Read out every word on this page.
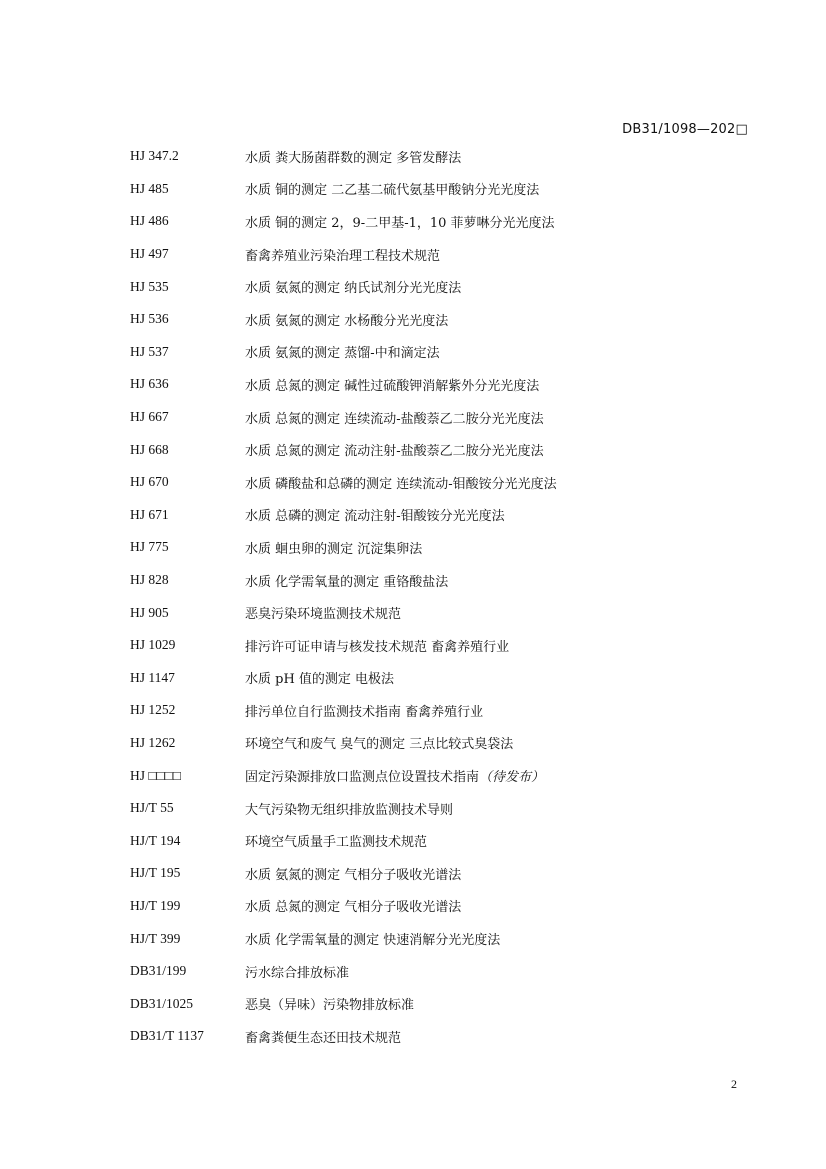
DB31/1098—202□
HJ 347.2	水质 粪大肠菌群数的测定 多管发酵法
HJ 485	水质 铜的测定 二乙基二硫代氨基甲酸钠分光光度法
HJ 486	水质 铜的测定 2，9-二甲基-1，10 菲萝啉分光光度法
HJ 497	畜禽养殖业污染治理工程技术规范
HJ 535	水质 氨氮的测定 纳氏试剂分光光度法
HJ 536	水质 氨氮的测定 水杨酸分光光度法
HJ 537	水质 氨氮的测定 蒸馏-中和滴定法
HJ 636	水质 总氮的测定 碱性过硫酸钾消解紫外分光光度法
HJ 667	水质 总氮的测定 连续流动-盐酸萘乙二胺分光光度法
HJ 668	水质 总氮的测定 流动注射-盐酸萘乙二胺分光光度法
HJ 670	水质 磷酸盐和总磷的测定 连续流动-钼酸铵分光光度法
HJ 671	水质 总磷的测定 流动注射-钼酸铵分光光度法
HJ 775	水质 蛔虫卵的测定 沉淀集卵法
HJ 828	水质 化学需氧量的测定 重铬酸盐法
HJ 905	恶臭污染环境监测技术规范
HJ 1029	排污许可证申请与核发技术规范 畜禽养殖行业
HJ 1147	水质 pH 值的测定 电极法
HJ 1252	排污单位自行监测技术指南 畜禽养殖行业
HJ 1262	环境空气和废气 臭气的测定 三点比较式臭袋法
HJ □□□□	固定污染源排放口监测点位设置技术指南（待发布）
HJ/T 55	大气污染物无组织排放监测技术导则
HJ/T 194	环境空气质量手工监测技术规范
HJ/T 195	水质 氨氮的测定 气相分子吸收光谱法
HJ/T 199	水质 总氮的测定 气相分子吸收光谱法
HJ/T 399	水质 化学需氧量的测定 快速消解分光光度法
DB31/199	污水综合排放标准
DB31/1025	恶臭（异味）污染物排放标准
DB31/T 1137	畜禽粪便生态还田技术规范
2
